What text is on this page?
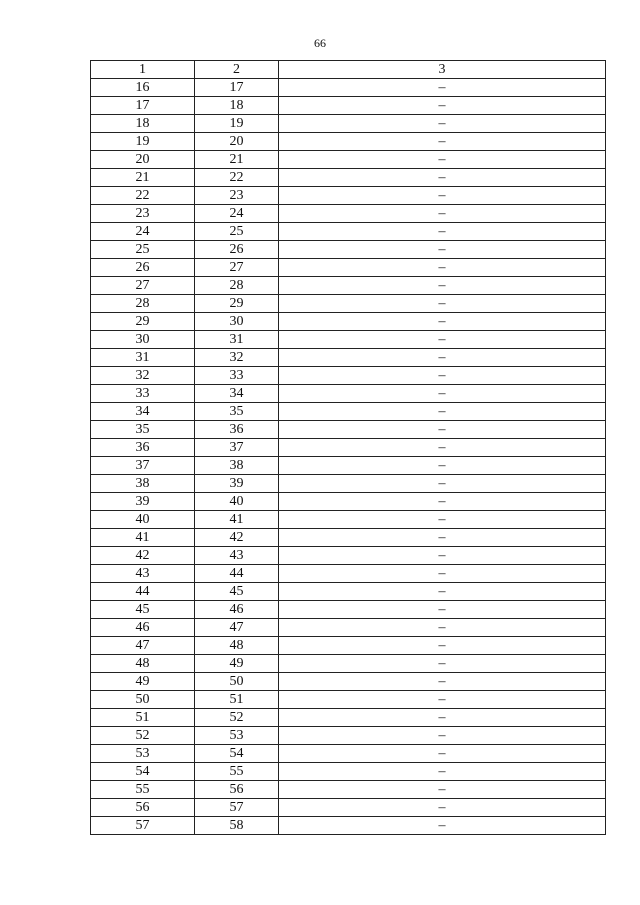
66
1	2	3
16	17	–
17	18	–
18	19	–
19	20	–
20	21	–
21	22	–
22	23	–
23	24	–
24	25	–
25	26	–
26	27	–
27	28	–
28	29	–
29	30	–
30	31	–
31	32	–
32	33	–
33	34	–
34	35	–
35	36	–
36	37	–
37	38	–
38	39	–
39	40	–
40	41	–
41	42	–
42	43	–
43	44	–
44	45	–
45	46	–
46	47	–
47	48	–
48	49	–
49	50	–
50	51	–
51	52	–
52	53	–
53	54	–
54	55	–
55	56	–
56	57	–
57	58	–
